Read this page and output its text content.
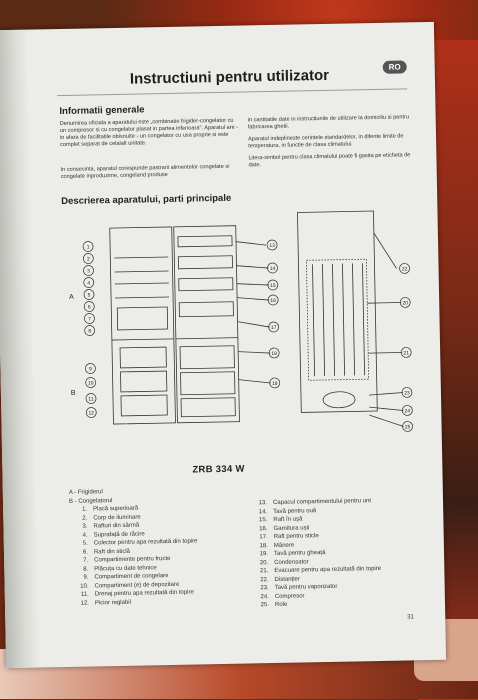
Instructiuni pentru utilizator	RO
Informatii generale
Denumirea oficiala a aparatului este „combinatie frigider-congelator cu un compresor si cu congelator plasat in partea inferioara". Aparatul are - in afara de facilitatile obisnuite - un congelator cu usa proprie si este complet separat de celalalt unitate.
In consecinta, aparatul corespunde pastrarii alimentelor congelate si congelate inproduzime, congeland produse
in cantitatile date in instructiunile de utilizare la domiciliu si pentru fabricarea ghetii.
Aparatul indeplineste cerintele standardelor, in diferite limite de temperatura, in functie de clasa climatului.
Litera-simbol pentru clasa climatului poate fi gasita pe eticheta de date.
Descrierea aparatului, parti principale
1
2
3
4
5
6
7
8
9
10
11
12
13
14
15
16
17
18
19
22
20
21
23
24
25
A
B
ZRB 334 W
A - Frigiderul
B - Congelatorul
1. Placă superioară
2. Corp de iluminare
3. Rafturi din sârmă
4. Suprafață de răcire
5. Colector pentru apa rezultată din topire
6. Raft din sticlă
7. Compartimente pentru fructe
8. Plăcuța cu date tehnice
9. Compartiment de congelare
10. Compartiment (e) de depozitare
11. Drenaj pentru apa rezultată din topire
12. Picior reglabil
13. Capacul compartimentului pentru unt
14. Tavă pentru ouă
15. Raft în ușă
16. Garnitura ușii
17. Raft pentru sticle
18. Mânere
19. Tavă pentru gheață
20. Condensator
21. Evacuare pentru apa rezultată din topire
22. Distanțier
23. Tavă pentru vaporizator
24. Compresor
25. Role
31
